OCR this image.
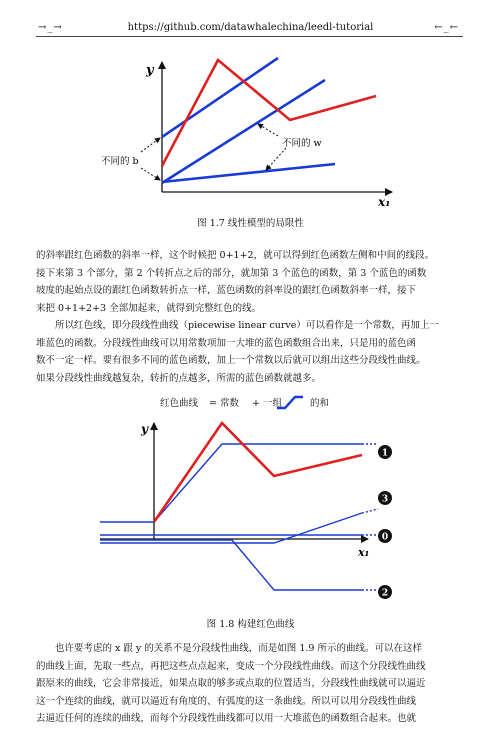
→_→	https://github.com/datawhalechina/leedl-tutorial	←_←
y
x₁
不同的 b
不同的 w
图 1.7 线性模型的局限性
的斜率跟红色函数的斜率一样，这个时候把 0+1+2，就可以得到红色函数左侧和中间的线段。
接下来第 3 个部分，第 2 个转折点之后的部分，就加第 3 个蓝色的函数，第 3 个蓝色的函数
坡度的起始点设的跟红色函数转折点一样，蓝色函数的斜率设的跟红色函数斜率一样，接下
来把 0+1+2+3 全部加起来，就得到完整红色的线。
所以红色线，即分段线性曲线（piecewise linear curve）可以看作是一个常数，再加上一
堆蓝色的函数。分段线性曲线可以用常数项加一大堆的蓝色函数组合出来，只是用的蓝色函
数不一定一样。要有很多不同的蓝色函数，加上一个常数以后就可以组出这些分段线性曲线。
如果分段线性曲线越复杂，转折的点越多，所需的蓝色函数就越多。
红色曲线 = 常数 + 一组	的和
y
x₁
1
3
0
2
图 1.8 构建红色曲线
也许要考虑的 x 跟 y 的关系不是分段线性曲线，而是如图 1.9 所示的曲线。可以在这样
的曲线上面，先取一些点，再把这些点点起来，变成一个分段线性曲线。而这个分段线性曲线
跟原来的曲线，它会非常接近，如果点取的够多或点取的位置适当，分段线性曲线就可以逼近
这一个连续的曲线，就可以逼近有角度的、有弧度的这一条曲线。所以可以用分段线性曲线
去逼近任何的连续的曲线，而每个分段线性曲线都可以用一大堆蓝色的函数组合起来。也就
